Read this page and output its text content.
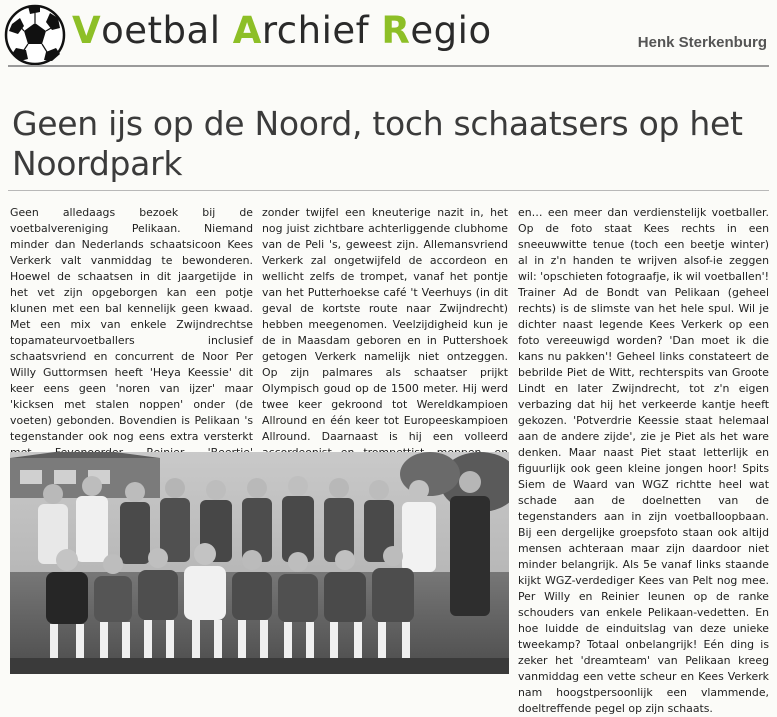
Voetbal Archief Regio	Henk Sterkenburg
Geen ijs op de Noord, toch schaatsers op het Noordpark

Geen alledaags bezoek bij de voetbalvereniging Pelikaan. Niemand minder dan Nederlands schaatsicoon Kees Verkerk valt vanmiddag te bewonderen. Hoewel de schaatsen in dit jaargetijde in het vet zijn opgeborgen kan een potje klunen met een bal kennelijk geen kwaad. Met een mix van enkele Zwijndrechtse topamateurvoetballers inclusief schaatsvriend en concurrent de Noor Per Willy Guttormsen heeft 'Heya Keessie' dit keer eens geen 'noren van ijzer' maar 'kicksen met stalen noppen' onder (de voeten) gebonden. Bovendien is Pelikaan 's tegenstander ook nog eens extra versterkt

zonder twijfel een kneuterige nazit in, het nog juist zichtbare achterliggende clubhome van de Peli 's, geweest zijn. Allemansvriend Verkerk zal ongetwijfeld de accordeon en wellicht zelfs de trompet, vanaf het pontje van het Putterhoekse café 't Veerhuys (in dit geval de kortste route naar Zwijndrecht) hebben meegenomen. Veelzijdigheid kun je de in Maasdam geboren en in Puttershoek getogen Verkerk namelijk niet ontzeggen. Op zijn palmares als schaatser prijkt Olympisch goud op de 1500 meter. Hij werd twee keer gekroond tot Wereldkampioen Allround en één keer tot Europeeskampioen Allround. Daarnaast is hij een volleerd

en… een meer dan verdienstelijk voetballer. Op de foto staat Kees rechts in een sneeuwwitte tenue (toch een beetje winter) al in z'n handen te wrijven alsof-ie zeggen wil: 'opschieten fotograafje, ik wil voetballen'! Trainer Ad de Bondt van Pelikaan (geheel rechts) is de slimste van het hele spul. Wil je dichter naast legende Kees Verkerk op een foto vereeuwigd worden? 'Dan moet ik die kans nu pakken'! Geheel links constateert de bebrilde Piet de Witt, rechterspits van Groote Lindt en later Zwijndrecht, tot z'n eigen verbazing dat hij het verkeerde kantje heeft gekozen. 'Potverdrie Keessie staat helemaal aan de andere zijde', zie je Piet als het ware denken. Maar naast Piet staat letterlijk en figuurlijk ook geen kleine jongen hoor! Spits Siem de Waard van WGZ richtte heel wat schade aan de doelnetten van de tegenstanders aan in zijn voetballoopbaan. Bij een dergelijke groepsfoto staan ook altijd mensen achteraan maar zijn daardoor niet minder belangrijk. Als 5e vanaf links staande kijkt WGZ-verdediger Kees van Pelt nog mee. Per Willy en Reinier leunen op de ranke schouders van enkele Pelikaan-vedetten. En hoe luidde de einduitslag van deze unieke tweekamp? Totaal onbelangrijk! Eén ding is zeker het 'dreamteam' van Pelikaan kreeg vanmiddag een vette scheur en Kees Verkerk nam hoogstpersoonlijk een vlammende, doeltreffende pegel op zijn schaats.
